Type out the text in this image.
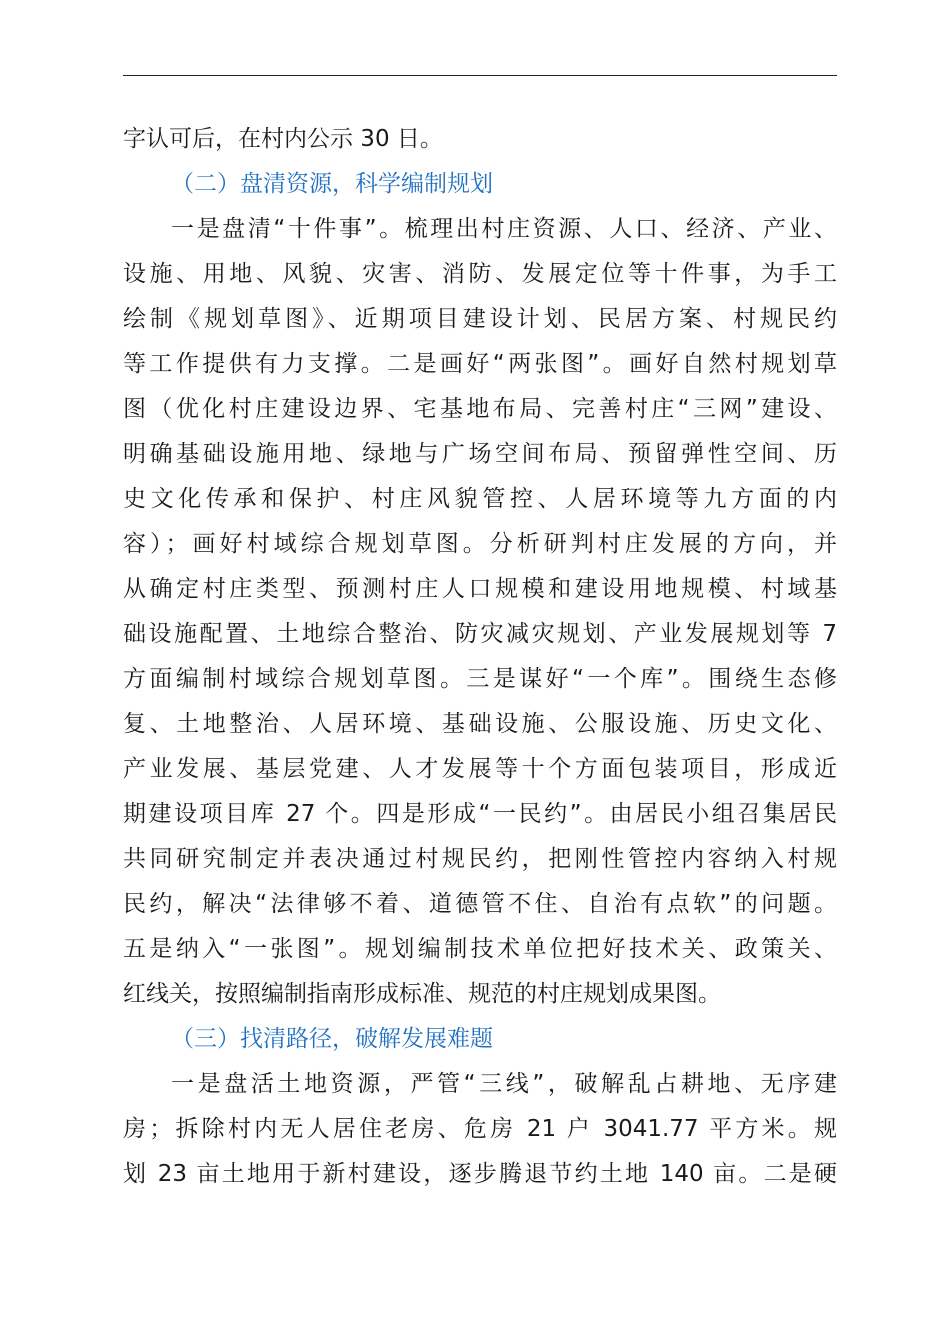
字认可后，在村内公示 30 日。
（二）盘清资源，科学编制规划
一是盘清“十件事”。梳理出村庄资源、人口、经济、产业、
设施、用地、风貌、灾害、消防、发展定位等十件事，为手工
绘制《规划草图》、近期项目建设计划、民居方案、村规民约
等工作提供有力支撑。二是画好“两张图”。画好自然村规划草
图（优化村庄建设边界、宅基地布局、完善村庄“三网”建设、
明确基础设施用地、绿地与广场空间布局、预留弹性空间、历
史文化传承和保护、村庄风貌管控、人居环境等九方面的内
容）；画好村域综合规划草图。分析研判村庄发展的方向，并
从确定村庄类型、预测村庄人口规模和建设用地规模、村域基
础设施配置、土地综合整治、防灾减灾规划、产业发展规划等 7
方面编制村域综合规划草图。三是谋好“一个库”。围绕生态修
复、土地整治、人居环境、基础设施、公服设施、历史文化、
产业发展、基层党建、人才发展等十个方面包装项目，形成近
期建设项目库 27 个。四是形成“一民约”。由居民小组召集居民
共同研究制定并表决通过村规民约，把刚性管控内容纳入村规
民约，解决“法律够不着、道德管不住、自治有点软”的问题。
五是纳入“一张图”。规划编制技术单位把好技术关、政策关、
红线关，按照编制指南形成标准、规范的村庄规划成果图。
（三）找清路径，破解发展难题
一是盘活土地资源，严管“三线”，破解乱占耕地、无序建
房；拆除村内无人居住老房、危房 21 户 3041.77 平方米。规
划 23 亩土地用于新村建设，逐步腾退节约土地 140 亩。二是硬
